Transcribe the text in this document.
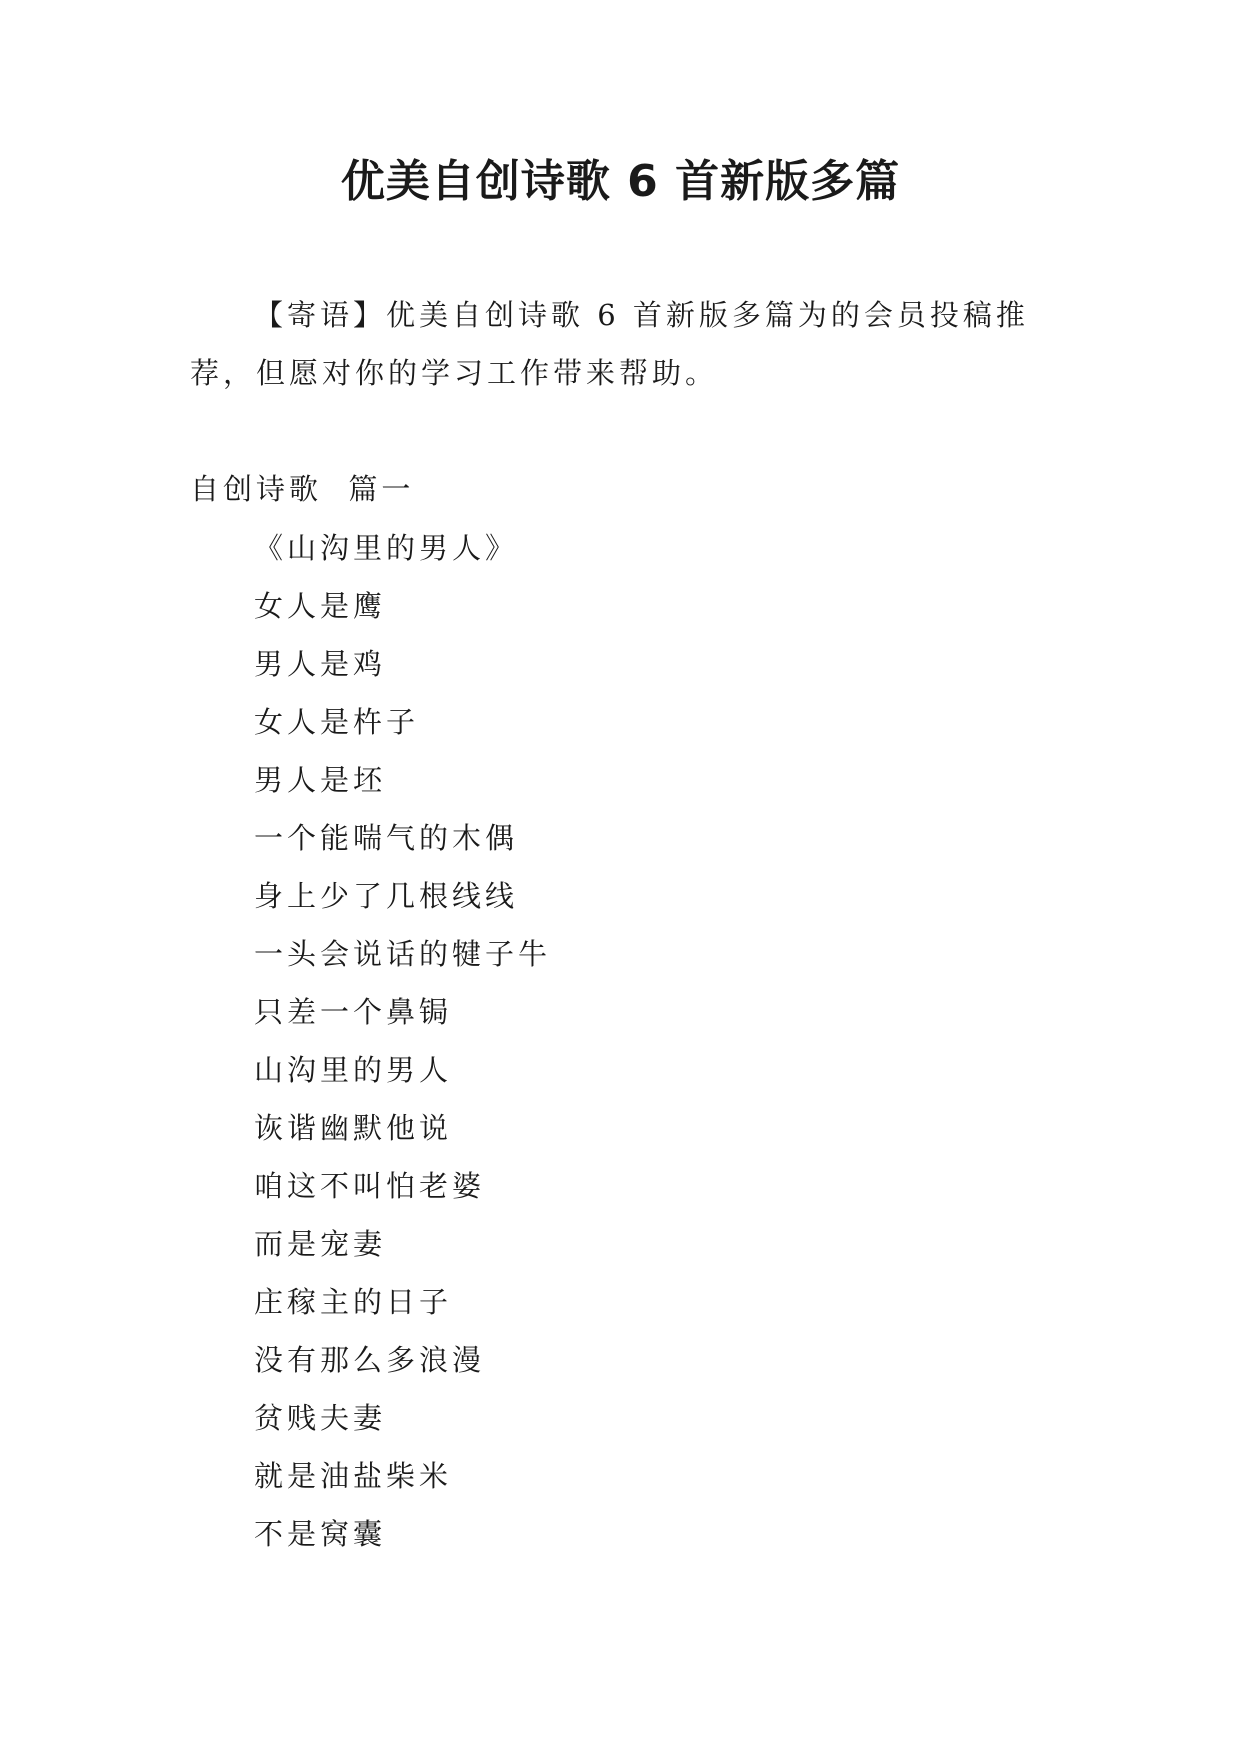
优美自创诗歌 6 首新版多篇

【寄语】优美自创诗歌 6 首新版多篇为的会员投稿推荐，但愿对你的学习工作带来帮助。

自创诗歌  篇一

《山沟里的男人》
女人是鹰
男人是鸡
女人是杵子
男人是坯
一个能喘气的木偶
身上少了几根线线
一头会说话的犍子牛
只差一个鼻锔
山沟里的男人
诙谐幽默他说
咱这不叫怕老婆
而是宠妻
庄稼主的日子
没有那么多浪漫
贫贱夫妻
就是油盐柴米
不是窝囊
